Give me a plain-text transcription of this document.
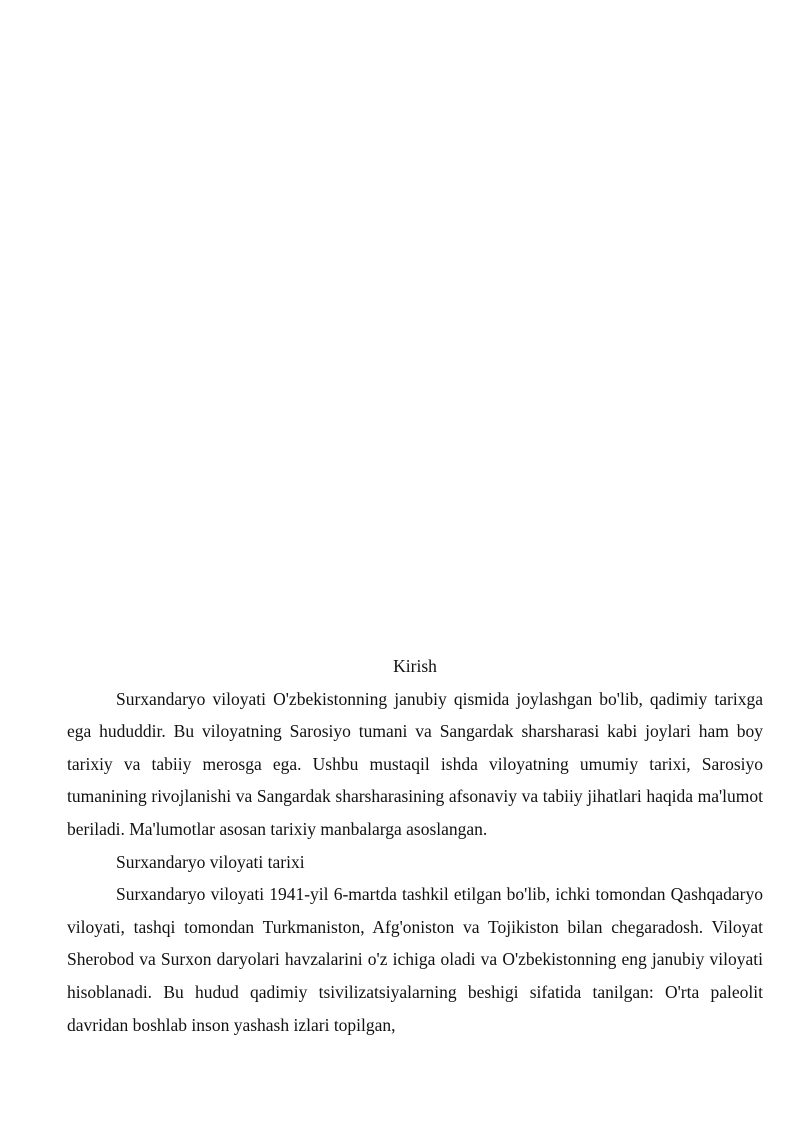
Kirish

Surxandaryo viloyati O'zbekistonning janubiy qismida joylashgan bo'lib, qadimiy tarixga ega hududdir. Bu viloyatning Sarosiyo tumani va Sangardak sharsharasi kabi joylari ham boy tarixiy va tabiiy merosga ega. Ushbu mustaqil ishda viloyatning umumiy tarixi, Sarosiyo tumanining rivojlanishi va Sangardak sharsharasining afsonaviy va tabiiy jihatlari haqida ma'lumot beriladi. Ma'lumotlar asosan tarixiy manbalarga asoslangan.

Surxandaryo viloyati tarixi

Surxandaryo viloyati 1941-yil 6-martda tashkil etilgan bo'lib, ichki tomondan Qashqadaryo viloyati, tashqi tomondan Turkmaniston, Afg'oniston va Tojikiston bilan chegaradosh. Viloyat Sherobod va Surxon daryolari havzalarini o'z ichiga oladi va O'zbekistonning eng janubiy viloyati hisoblanadi. Bu hudud qadimiy tsivilizatsiyalarning beshigi sifatida tanilgan: O'rta paleolit davridan boshlab inson yashash izlari topilgan,
